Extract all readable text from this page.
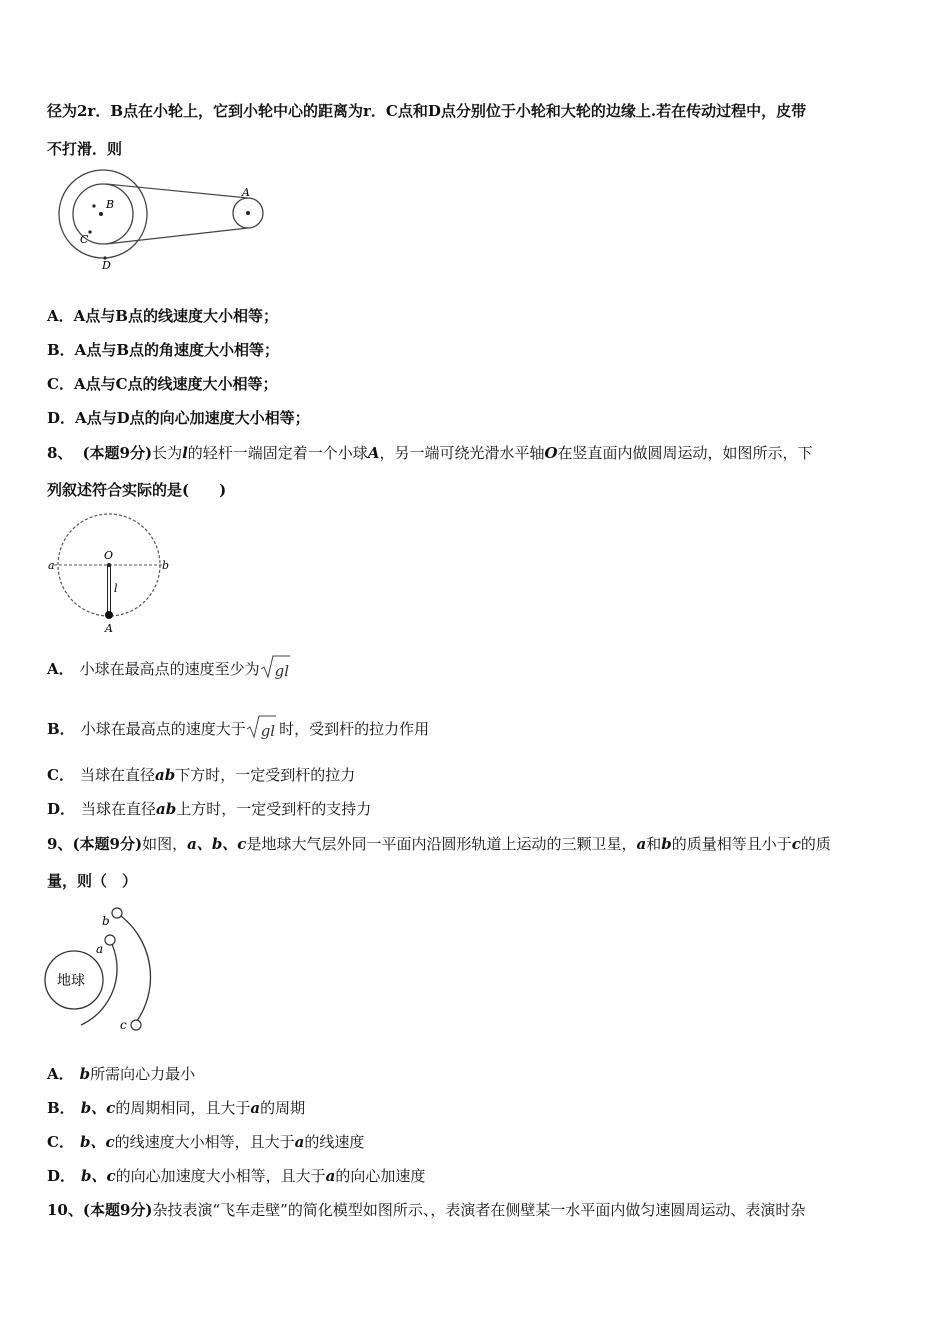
径为2r．B点在小轮上，它到小轮中心的距离为r．C点和D点分别位于小轮和大轮的边缘上.若在传动过程中，皮带
不打滑．则
B
C
D
A
A．A点与B点的线速度大小相等；
B．A点与B点的角速度大小相等；
C．A点与C点的线速度大小相等；
D．A点与D点的向心加速度大小相等；
8、 (本题9分)长为l的轻杆一端固定着一个小球A，另一端可绕光滑水平轴O在竖直面内做圆周运动，如图所示，下
列叙述符合实际的是(　　)
O
a	b
l
A
A． 小球在最高点的速度至少为 gl
B． 小球在最高点的速度大于 gl 时，受到杆的拉力作用
C． 当球在直径ab下方时，一定受到杆的拉力
D． 当球在直径ab上方时，一定受到杆的支持力
9、(本题9分)如图，a、b、c是地球大气层外同一平面内沿圆形轨道上运动的三颗卫星，a和b的质量相等且小于c的质
量，则（　）
地球
a
b
c
A． b所需向心力最小
B． b、c的周期相同，且大于a的周期
C． b、c的线速度大小相等，且大于a的线速度
D． b、c的向心加速度大小相等，且大于a的向心加速度
10、(本题9分)杂技表演“飞车走壁”的简化模型如图所示、，表演者在侧壁某一水平面内做匀速圆周运动、表演时杂
